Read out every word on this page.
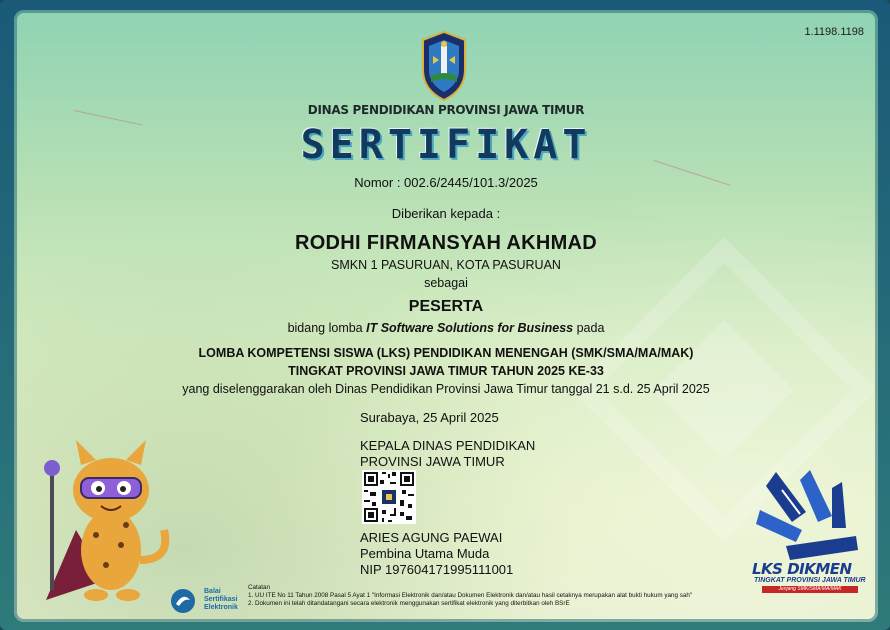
1.1198.1198
DINAS PENDIDIKAN PROVINSI JAWA TIMUR
SERTIFIKAT
Nomor : 002.6/2445/101.3/2025
Diberikan kepada :
RODHI FIRMANSYAH AKHMAD
SMKN 1 PASURUAN, KOTA PASURUAN
sebagai
PESERTA
bidang lomba IT Software Solutions for Business pada
LOMBA KOMPETENSI SISWA (LKS) PENDIDIKAN MENENGAH (SMK/SMA/MA/MAK)
TINGKAT PROVINSI JAWA TIMUR TAHUN 2025 KE-33
yang diselenggarakan oleh Dinas Pendidikan Provinsi Jawa Timur tanggal 21 s.d. 25 April 2025
Surabaya, 25 April 2025
KEPALA DINAS PENDIDIKAN
PROVINSI JAWA TIMUR
ARIES AGUNG PAEWAI
Pembina Utama Muda
NIP 197604171995111001	LKS DIKMEN
TINGKAT PROVINSI JAWA TIMUR
Jenjang SMK/SMA/MA/MAK
Balai
Sertifikasi
Elektronik
Catatan
1. UU ITE No 11 Tahun 2008 Pasal 5 Ayat 1 "Informasi Elektronik dan/atau Dokumen Elektronik dan/atau hasil cetaknya merupakan alat bukti hukum yang sah"
2. Dokumen ini telah ditandatangani secara elektronik menggunakan sertifikat elektronik yang diterbitkan oleh BSrE
